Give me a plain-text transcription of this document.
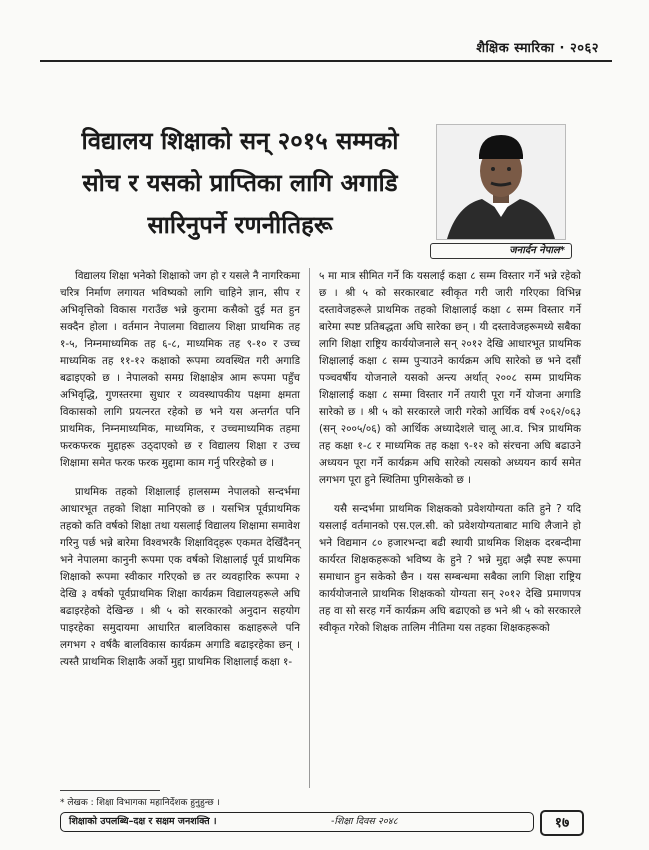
शैक्षिक स्मारिका · २०६२
विद्यालय शिक्षाको सन् २०१५ सम्मको
सोच र यसको प्राप्तिका लागि अगाडि
सारिनुपर्ने रणनीतिहरू
जनार्दन नेपाल*

विद्यालय शिक्षा भनेको शिक्षाको जग हो र यसले नै नागरिकमा चरित्र निर्माण लगायत भविष्यको लागि चाहिने ज्ञान, सीप र अभिवृत्तिको विकास गराउँछ भन्ने कुरामा कसैको दुई मत हुन सक्दैन होला । वर्तमान नेपालमा विद्यालय शिक्षा प्राथमिक तह १-५, निम्नमाध्यमिक तह ६-८, माध्यमिक तह ९-१० र उच्च माध्यमिक तह ११-१२ कक्षाको रूपमा व्यवस्थित गरी अगाडि बढाइएको छ । नेपालको समग्र शिक्षाक्षेत्र आम रूपमा पहुँच अभिवृद्धि, गुणस्तरमा सुधार र व्यवस्थापकीय पक्षमा क्षमता विकासको लागि प्रयत्नरत रहेको छ भने यस अन्तर्गत पनि प्राथमिक, निम्नमाध्यमिक, माध्यमिक, र उच्चमाध्यमिक तहमा फरकफरक मुद्दाहरू उठ्दाएको छ र विद्यालय शिक्षा र उच्च शिक्षामा समेत फरक फरक मुद्दामा काम गर्नु परिरहेको छ ।

प्राथमिक तहको शिक्षालाई हालसम्म नेपालको सन्दर्भमा आधारभूत तहको शिक्षा मानिएको छ । यसभित्र पूर्वप्राथमिक तहको कति वर्षको शिक्षा तथा यसलाई विद्यालय शिक्षामा समावेश गरिनु पर्छ भन्ने बारेमा विश्वभरकै शिक्षाविद्हरू एकमत देखिँदैनन् भने नेपालमा कानुनी रूपमा एक वर्षको शिक्षालाई पूर्व प्राथमिक शिक्षाको रूपमा स्वीकार गरिएको छ तर व्यवहारिक रूपमा २ देखि ३ वर्षको पूर्वप्राथमिक शिक्षा कार्यक्रम विद्यालयहरूले अघि बढाइरहेको देखिन्छ । श्री ५ को सरकारको अनुदान सहयोग पाइरहेका समुदायमा आधारित बालविकास कक्षाहरूले पनि लगभग २ वर्षकै बालविकास कार्यक्रम अगाडि बढाइरहेका छन् । त्यस्तै प्राथमिक शिक्षाकै अर्को मुद्दा प्राथमिक शिक्षालाई कक्षा १-

५ मा मात्र सीमित गर्ने कि यसलाई कक्षा ८ सम्म विस्तार गर्ने भन्ने रहेको छ । श्री ५ को सरकारबाट स्वीकृत गरी जारी गरिएका विभिन्न दस्तावेजहरूले प्राथमिक तहको शिक्षालाई कक्षा ८ सम्म विस्तार गर्ने बारेमा स्पष्ट प्रतिबद्धता अघि सारेका छन् । यी दस्तावेजहरूमध्ये सबैका लागि शिक्षा राष्ट्रिय कार्ययोजनाले सन् २०१२ देखि आधारभूत प्राथमिक शिक्षालाई कक्षा ८ सम्म पुऱ्याउने कार्यक्रम अघि सारेको छ भने दसौं पञ्चवर्षीय योजनाले यसको अन्त्य अर्थात् २००८ सम्म प्राथमिक शिक्षालाई कक्षा ८ सम्मा विस्तार गर्ने तयारी पूरा गर्ने योजना अगाडि सारेको छ । श्री ५ को सरकारले जारी गरेको आर्थिक वर्ष २०६२/०६३ (सन् २००५/०६) को आर्थिक अध्यादेशले चालू आ.व. भित्र प्राथमिक तह कक्षा १-८ र माध्यमिक तह कक्षा ९-१२ को संरचना अघि बढाउने अध्ययन पूरा गर्ने कार्यक्रम अघि सारेको त्यसको अध्ययन कार्य समेत लगभग पूरा हुने स्थितिमा पुगिसकेको छ ।

यसै सन्दर्भमा प्राथमिक शिक्षकको प्रवेशयोग्यता कति हुने ? यदि यसलाई वर्तमानको एस.एल.सी. को प्रवेशयोग्यताबाट माथि लैजाने हो भने विद्यमान ८० हजारभन्दा बढी स्थायी प्राथमिक शिक्षक दरबन्दीमा कार्यरत शिक्षकहरूको भविष्य के हुने ? भन्ने मुद्दा अझै स्पष्ट रूपमा समाधान हुन सकेको छैन । यस सम्बन्धमा सबैका लागि शिक्षा राष्ट्रिय कार्ययोजनाले प्राथमिक शिक्षकको योग्यता सन् २०१२ देखि प्रमाणपत्र तह वा सो सरह गर्ने कार्यक्रम अघि बढाएको छ भने श्री ५ को सरकारले स्वीकृत गरेको शिक्षक तालिम नीतिमा यस तहका शिक्षकहरूको

* लेखक : शिक्षा विभागका महानिर्देशक हुनुहुन्छ ।
शिक्षाको उपलब्धि–दक्ष र सक्षम जनशक्ति ।	-शिक्षा दिवस २०४८	१७
